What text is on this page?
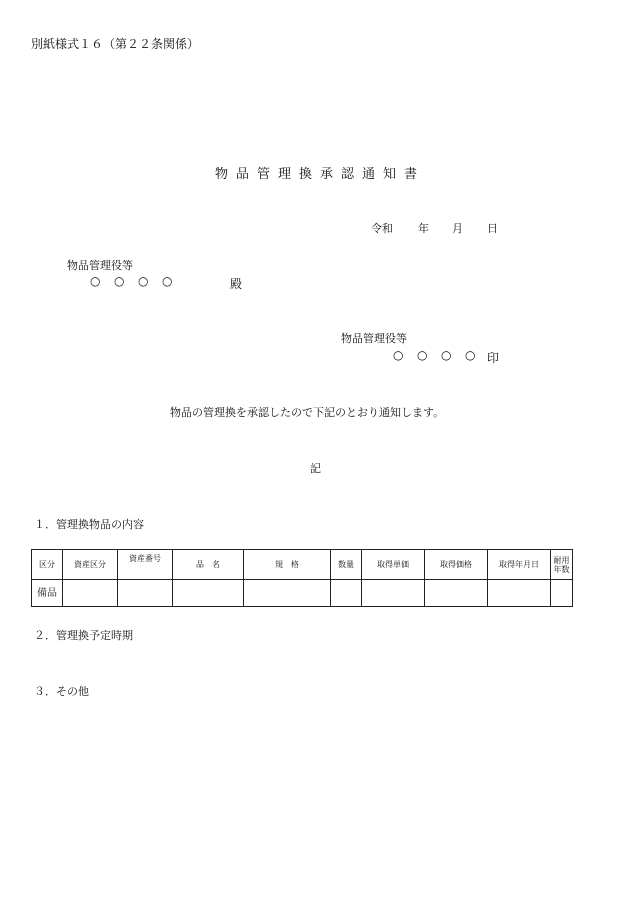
別紙様式１６（第２２条関係）
物品管理換承認通知書
令和 年 月 日
物品管理役等
○ ○ ○ ○	殿
物品管理役等
○ ○ ○ ○ 印
物品の管理換を承認したので下記のとおり通知します。
記
１．管理換物品の内容
区分	資産区分	資産番号	品　名	規　格	数量	取得単価	取得価格	取得年月日	耐用年数
備品									
２．管理換予定時期
３．その他
